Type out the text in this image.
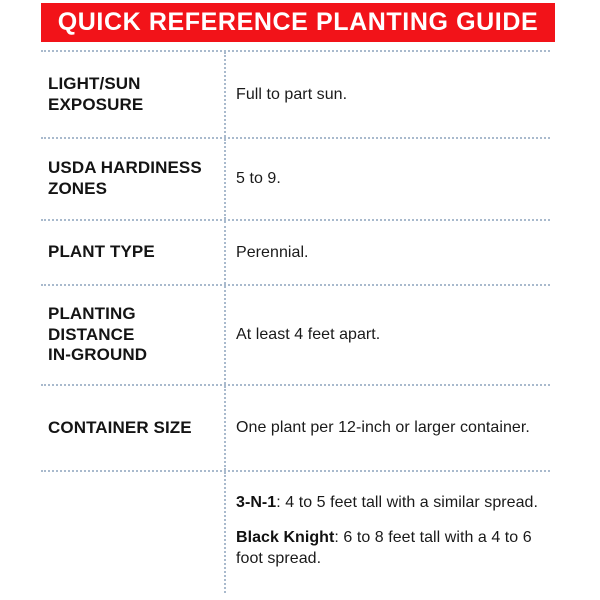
QUICK REFERENCE PLANTING GUIDE
LIGHT/SUN
EXPOSURE
Full to part sun.
USDA HARDINESS
ZONES
5 to 9.
PLANT TYPE	Perennial.
PLANTING
DISTANCE
IN-GROUND
At least 4 feet apart.
CONTAINER SIZE	One plant per 12-inch or larger container.
3-N-1: 4 to 5 feet tall with a similar spread.
Black Knight: 6 to 8 feet tall with a 4 to 6 foot spread.
